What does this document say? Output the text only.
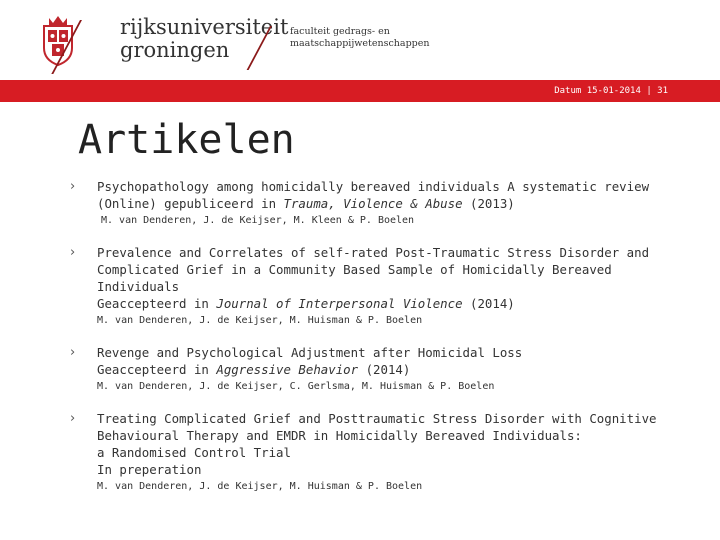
rijksuniversiteit
groningen
faculteit gedrags- en
maatschappijwetenschappen
Datum 15-01-2014 | 31
Artikelen
› Psychopathology among homicidally bereaved individuals A systematic review
(Online) gepubliceerd in Trauma, Violence & Abuse (2013)
M. van Denderen, J. de Keijser, M. Kleen & P. Boelen
› Prevalence and Correlates of self-rated Post-Traumatic Stress Disorder and
Complicated Grief in a Community Based Sample of Homicidally Bereaved
Individuals
Geaccepteerd in Journal of Interpersonal Violence (2014)
M. van Denderen, J. de Keijser, M. Huisman & P. Boelen
› Revenge and Psychological Adjustment after Homicidal Loss
Geaccepteerd in Aggressive Behavior (2014)
M. van Denderen, J. de Keijser, C. Gerlsma, M. Huisman & P. Boelen
› Treating Complicated Grief and Posttraumatic Stress Disorder with Cognitive
Behavioural Therapy and EMDR in Homicidally Bereaved Individuals:
a Randomised Control Trial
In preperation
M. van Denderen, J. de Keijser, M. Huisman & P. Boelen
